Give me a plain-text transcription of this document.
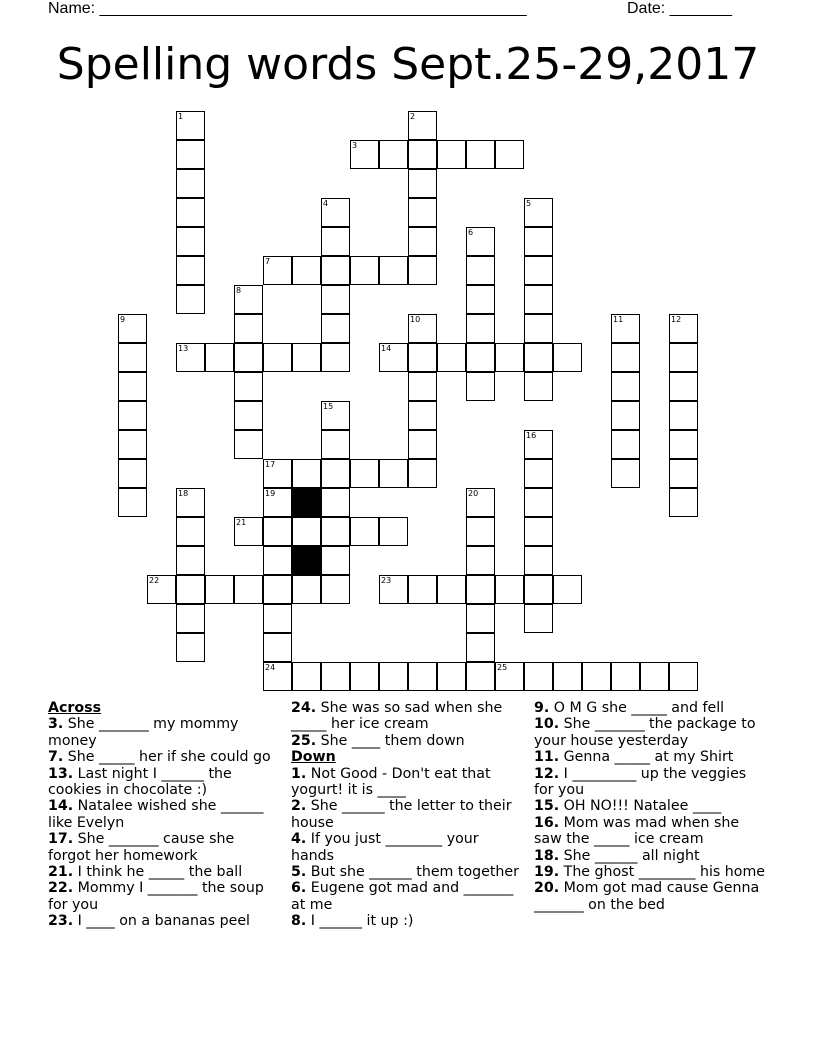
Name: ________________________________________________	Date: _______
Spelling words Sept.25-29,2017
3
7
13	14
17
21
22	23
24	25
1	2
4	5
6
8
9	10	11	12
15
16
18	19	20
Across
3. She _______ my mommy money
7. She _____ her if she could go
13. Last night I ______ the cookies in chocolate :)
14. Natalee wished she ______ like Evelyn
17. She _______ cause she forgot her homework
21. I think he _____ the ball
22. Mommy I _______ the soup for you
23. I ____ on a bananas peel
24. She was so sad when she _____ her ice cream
25. She ____ them down
Down
1. Not Good - Don't eat that yogurt! it is ____
2. She ______ the letter to their house
4. If you just ________ your hands
5. But she ______ them together
6. Eugene got mad and _______ at me
8. I ______ it up :)
9. O M G she _____ and fell
10. She _______ the package to your house yesterday
11. Genna _____ at my Shirt
12. I _________ up the veggies for you
15. OH NO!!! Natalee ____
16. Mom was mad when she saw the _____ ice cream
18. She ______ all night
19. The ghost ________ his home
20. Mom got mad cause Genna _______ on the bed
